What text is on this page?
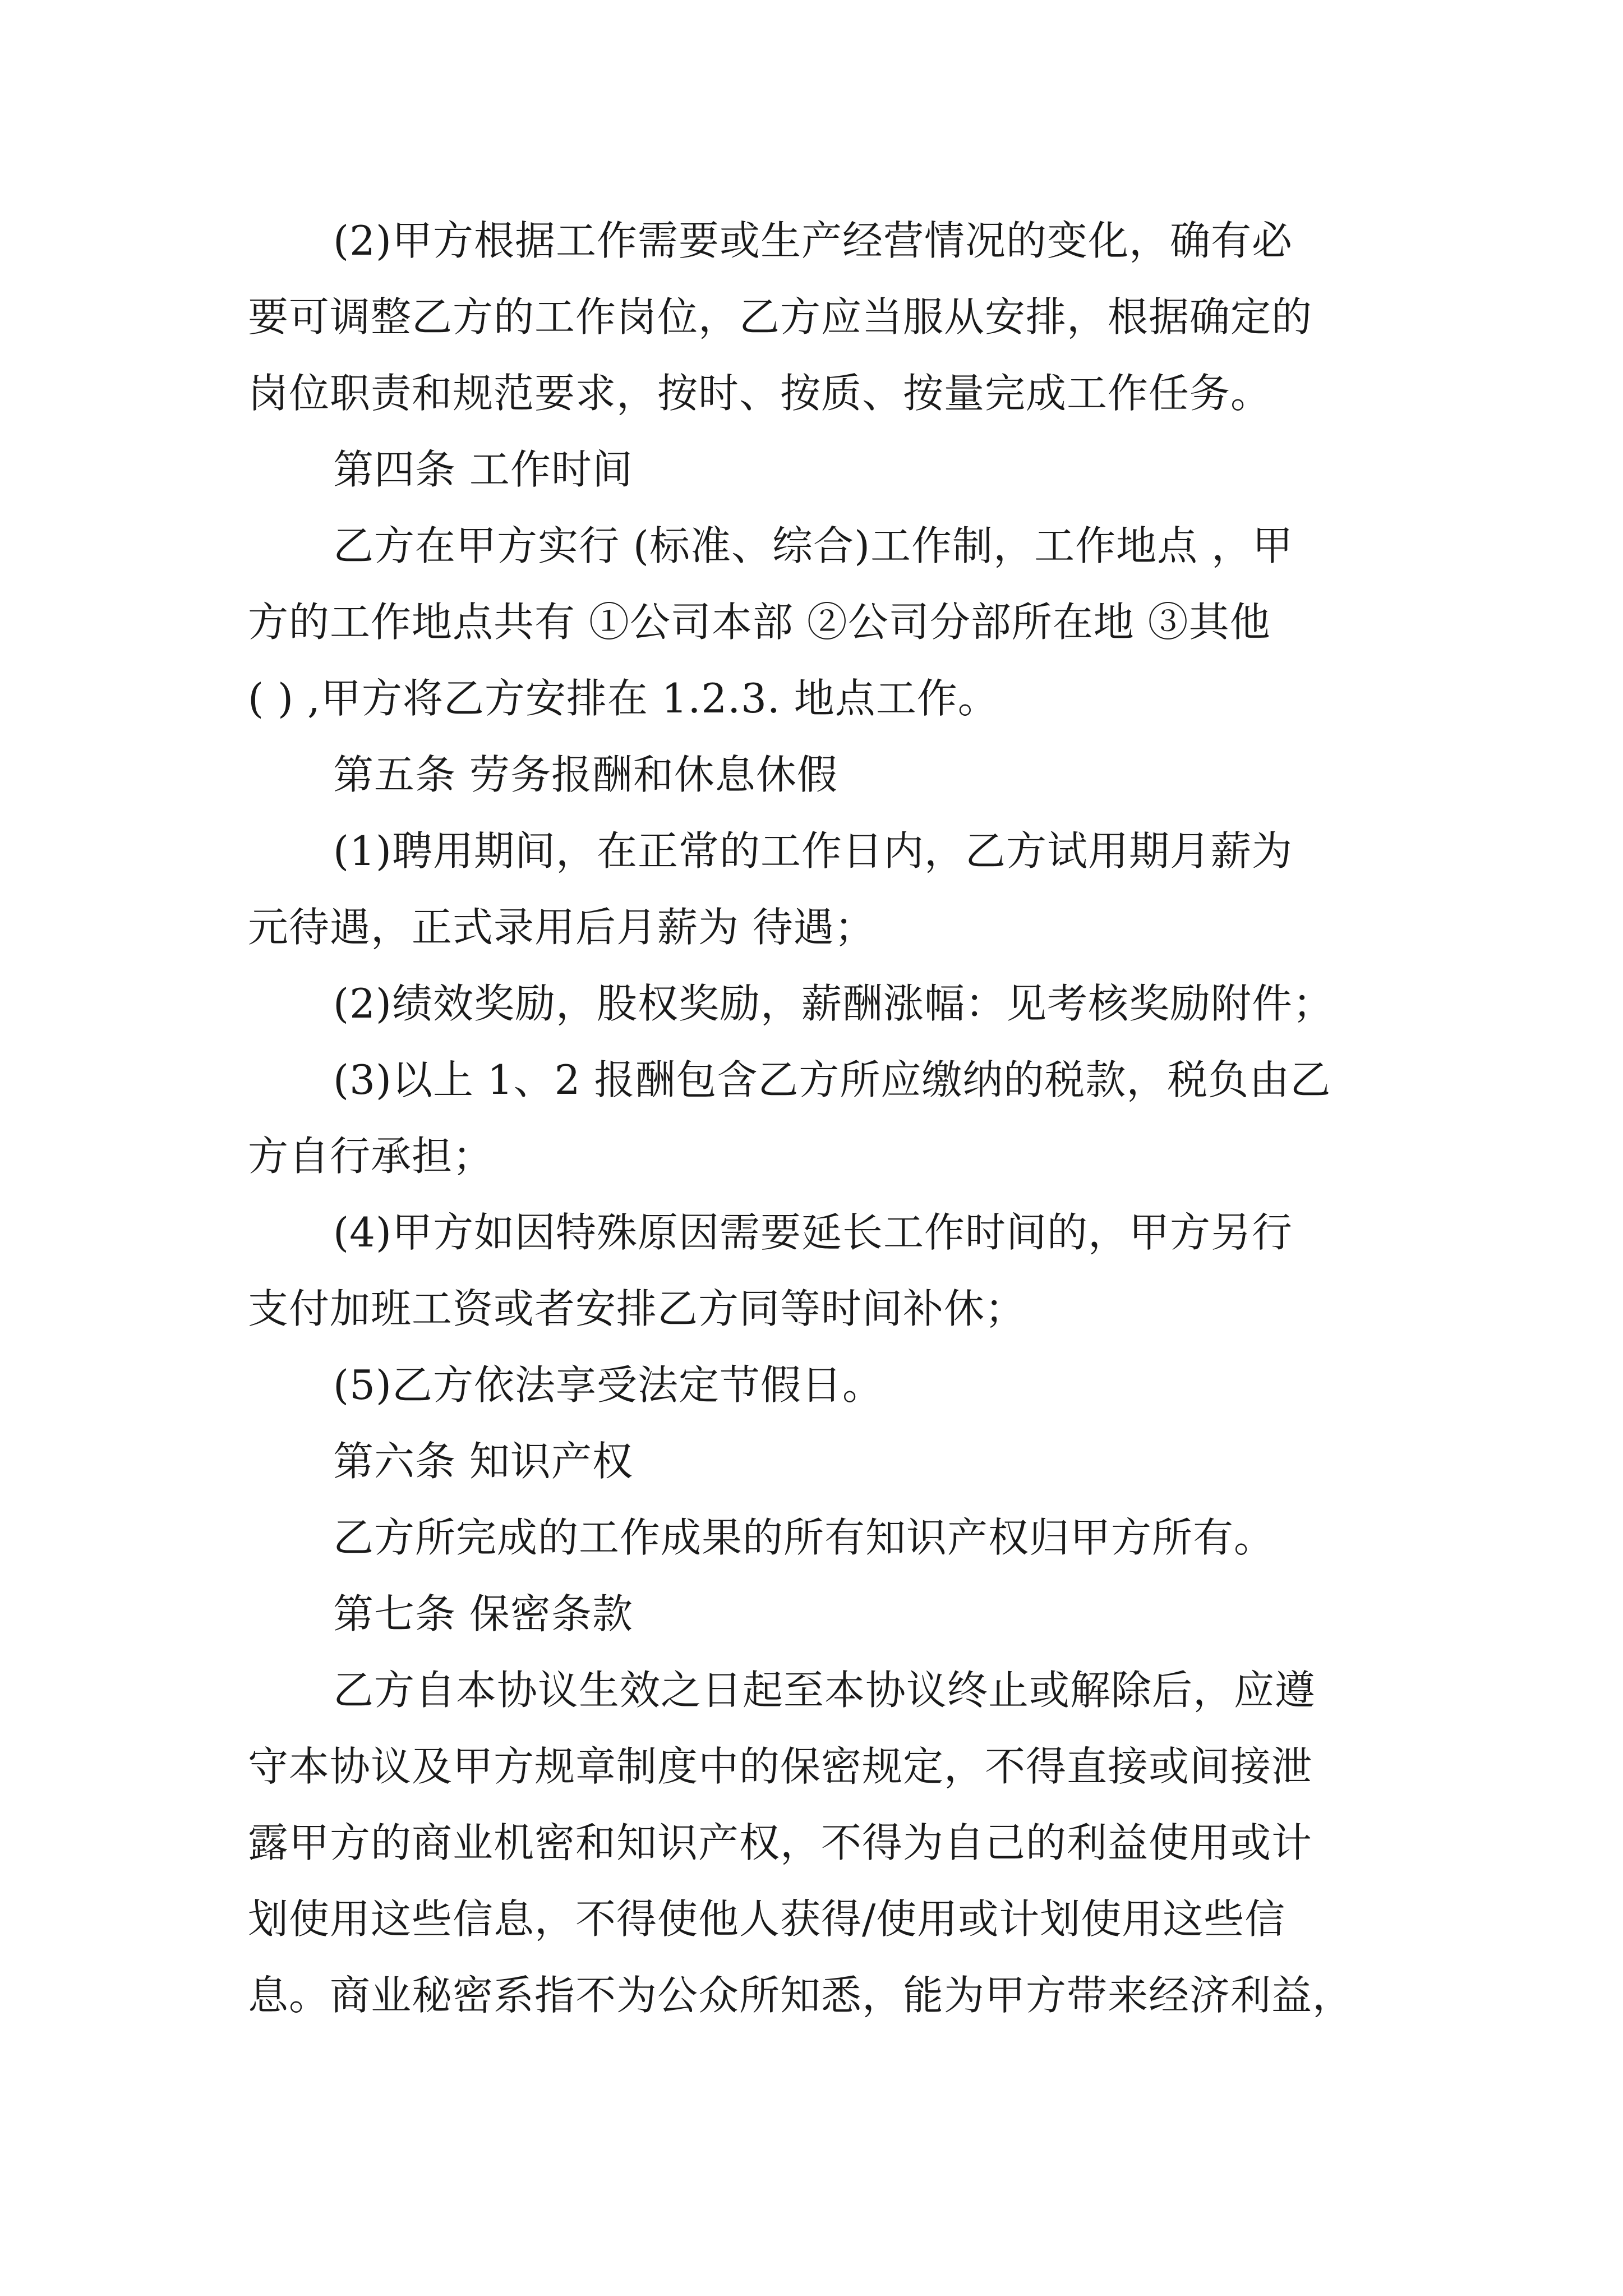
(2)甲方根据工作需要或生产经营情况的变化，确有必
要可调整乙方的工作岗位，乙方应当服从安排，根据确定的
岗位职责和规范要求，按时、按质、按量完成工作任务。
第四条 工作时间
乙方在甲方实行 (标准、综合)工作制，工作地点 ，甲
方的工作地点共有 ①公司本部 ②公司分部所在地 ③其他
( ) ,甲方将乙方安排在 1.2.3. 地点工作。
第五条 劳务报酬和休息休假
(1)聘用期间，在正常的工作日内，乙方试用期月薪为
元待遇，正式录用后月薪为 待遇；
(2)绩效奖励，股权奖励，薪酬涨幅：见考核奖励附件；
(3)以上 1、2 报酬包含乙方所应缴纳的税款，税负由乙
方自行承担；
(4)甲方如因特殊原因需要延长工作时间的，甲方另行
支付加班工资或者安排乙方同等时间补休；
(5)乙方依法享受法定节假日。
第六条 知识产权
乙方所完成的工作成果的所有知识产权归甲方所有。
第七条 保密条款
乙方自本协议生效之日起至本协议终止或解除后，应遵
守本协议及甲方规章制度中的保密规定，不得直接或间接泄
露甲方的商业机密和知识产权，不得为自己的利益使用或计
划使用这些信息，不得使他人获得/使用或计划使用这些信
息。商业秘密系指不为公众所知悉，能为甲方带来经济利益，
